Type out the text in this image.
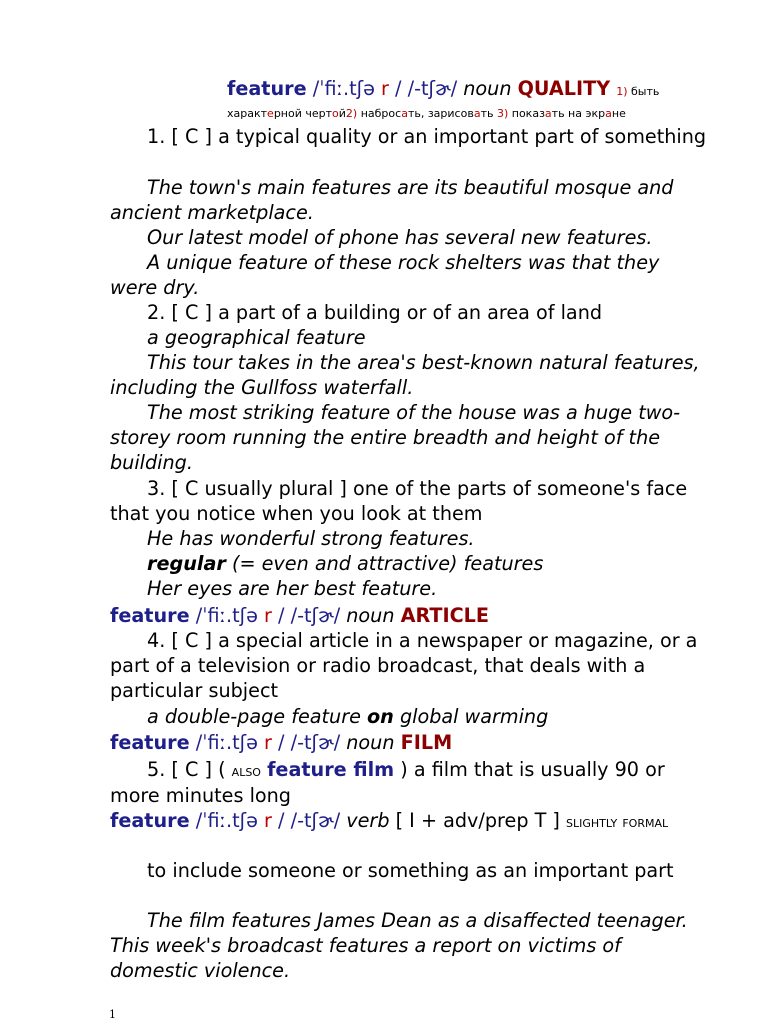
feature /ˈfiː.tʃə r / /-tʃɚ/ noun QUALITY 1) быть
характерной чертой2) набросать, зарисовать 3) показать на экране
1. [ C ] a typical quality or an important part of something
The town's main features are its beautiful mosque and ancient marketplace.
Our latest model of phone has several new features.
A unique feature of these rock shelters was that they were dry.
2. [ C ] a part of a building or of an area of land
a geographical feature
This tour takes in the area's best-known natural features, including the Gullfoss waterfall.
The most striking feature of the house was a huge two-storey room running the entire breadth and height of the building.
3. [ C usually plural ] one of the parts of someone's face that you notice when you look at them
He has wonderful strong features.
regular (= even and attractive) features
Her eyes are her best feature.
feature /ˈfiː.tʃə r / /-tʃɚ/ noun ARTICLE
4. [ C ] a special article in a newspaper or magazine, or a part of a television or radio broadcast, that deals with a particular subject
a double-page feature on global warming
feature /ˈfiː.tʃə r / /-tʃɚ/ noun FILM
5. [ C ] ( also feature film ) a film that is usually 90 or more minutes long
feature /ˈfiː.tʃə r / /-tʃɚ/ verb [ I + adv/prep T ] slightly formal
to include someone or something as an important part
The film features James Dean as a disaffected teenager. This week's broadcast features a report on victims of domestic violence.
1
